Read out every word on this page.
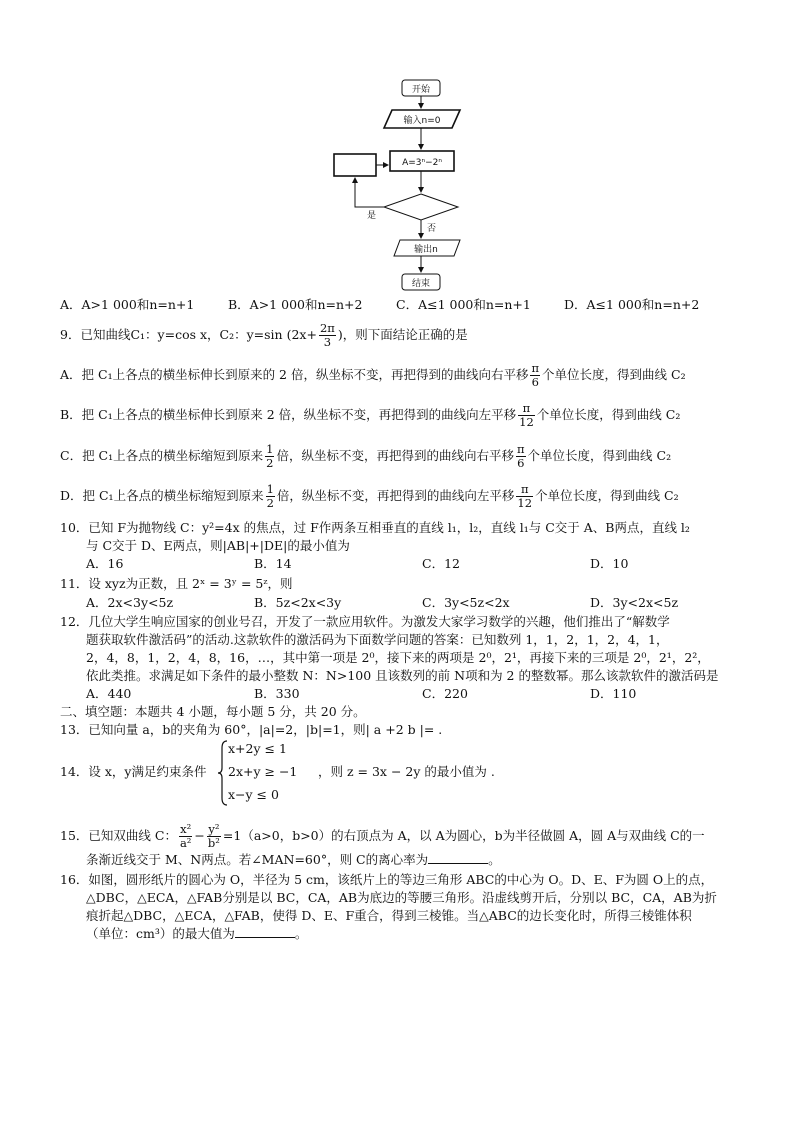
开始
输入n=0
A=3ⁿ−2ⁿ
是
否
输出n
结束
A．A>1 000和n=n+1	B．A>1 000和n=n+2	C．A≤1 000和n=n+1	D．A≤1 000和n=n+2
9．已知曲线C₁：y=cos x，C₂：y=sin ($2x+ \frac{2\pi}{3}$ )，则下面结论正确的是
A．把 C₁上各点的横坐标伸长到原来的 2 倍，纵坐标不变，再把得到的曲线向右平移 $\frac{\pi}{6}$ 个单位长度，得到曲线 C₂
B．把 C₁上各点的横坐标伸长到原来 2 倍，纵坐标不变，再把得到的曲线向左平移 $\frac{\pi}{12}$ 个单位长度，得到曲线 C₂
C．把 C₁上各点的横坐标缩短到原来 $\frac{1}{2}$ 倍，纵坐标不变，再把得到的曲线向右平移 $\frac{\pi}{6}$ 个单位长度，得到曲线 C₂
D．把 C₁上各点的横坐标缩短到原来 $\frac{1}{2}$ 倍，纵坐标不变，再把得到的曲线向左平移 $\frac{\pi}{12}$ 个单位长度，得到曲线 C₂
10．已知 F为抛物线 C：y²=4x 的焦点，过 F作两条互相垂直的直线 l₁，l₂，直线 l₁与 C交于 A、B两点，直线 l₂
与 C交于 D、E两点，则|AB|+|DE|的最小值为
A．16	B．14	C．12	D．10
11．设 xyz为正数，且 2ˣ = 3ʸ = 5ᶻ，则
A．2x<3y<5z	B．5z<2x<3y	C．3y<5z<2x	D．3y<2x<5z
12．几位大学生响应国家的创业号召，开发了一款应用软件。为激发大家学习数学的兴趣，他们推出了“解数学
题获取软件激活码”的活动.这款软件的激活码为下面数学问题的答案：已知数列 1，1，2，1，2，4，1，
2，4，8，1，2，4，8，16，…，其中第一项是 2⁰，接下来的两项是 2⁰，2¹，再接下来的三项是 2⁰，2¹，2²，
依此类推。求满足如下条件的最小整数 N：N>100 且该数列的前 N项和为 2 的整数幂。那么该款软件的激活码是
A．440	B．330	C．220	D．110
二、填空题：本题共 4 小题，每小题 5 分，共 20 分。
13．已知向量 a，b的夹角为 60°，|a|=2，|b|=1，则| a +2 b |= .
14．设 x，y满足约束条件
x+2y ≤ 1
2x+y ≥ −1
x−y ≤ 0
，则 z = 3x − 2y 的最小值为 .
15．已知双曲线 C： $\frac{\text{x²}}{\text{a²}} - \frac{\text{y²}}{\text{b²}} =1(a>0$，b>0）的右顶点为 A，以 A为圆心，b为半径做圆 A，圆 A与双曲线 C的一
条渐近线交于 M、N两点。若∠MAN=60°，则 C的离心率为	。
16．如图，圆形纸片的圆心为 O，半径为 5 cm，该纸片上的等边三角形 ABC的中心为 O。D、E、F为圆 O上的点，
△DBC，△ECA，△FAB分别是以 BC，CA，AB为底边的等腰三角形。沿虚线剪开后，分别以 BC，CA，AB为折
痕折起△DBC，△ECA，△FAB，使得 D、E、F重合，得到三棱锥。当△ABC的边长变化时，所得三棱锥体积
（单位：cm³）的最大值为	。
